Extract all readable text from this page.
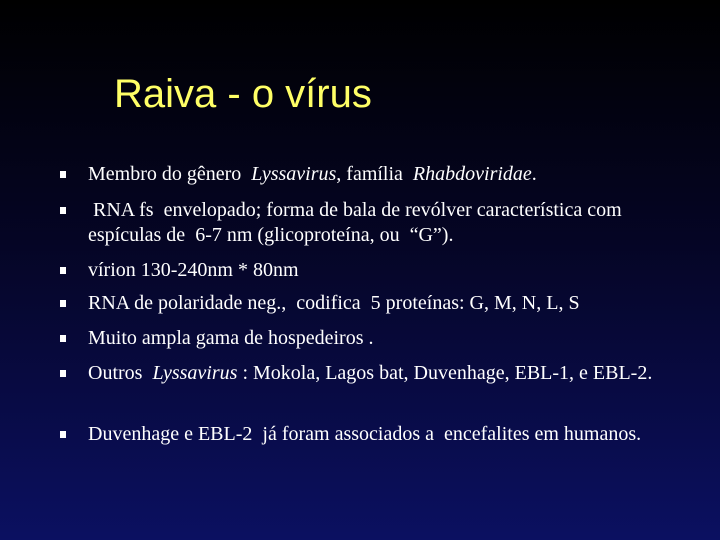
Raiva - o vírus
Membro do gênero  Lyssavirus, família  Rhabdoviridae.
RNA fs  envelopado; forma de bala de revólver característica com espículas de  6-7 nm (glicoproteína, ou  “G”).
vírion 130-240nm * 80nm
RNA de polaridade neg.,  codifica  5 proteínas: G, M, N, L, S
Muito ampla gama de hospedeiros .
Outros  Lyssavirus : Mokola, Lagos bat, Duvenhage, EBL-1, e EBL-2.
Duvenhage e EBL-2  já foram associados a  encefalites em humanos.
